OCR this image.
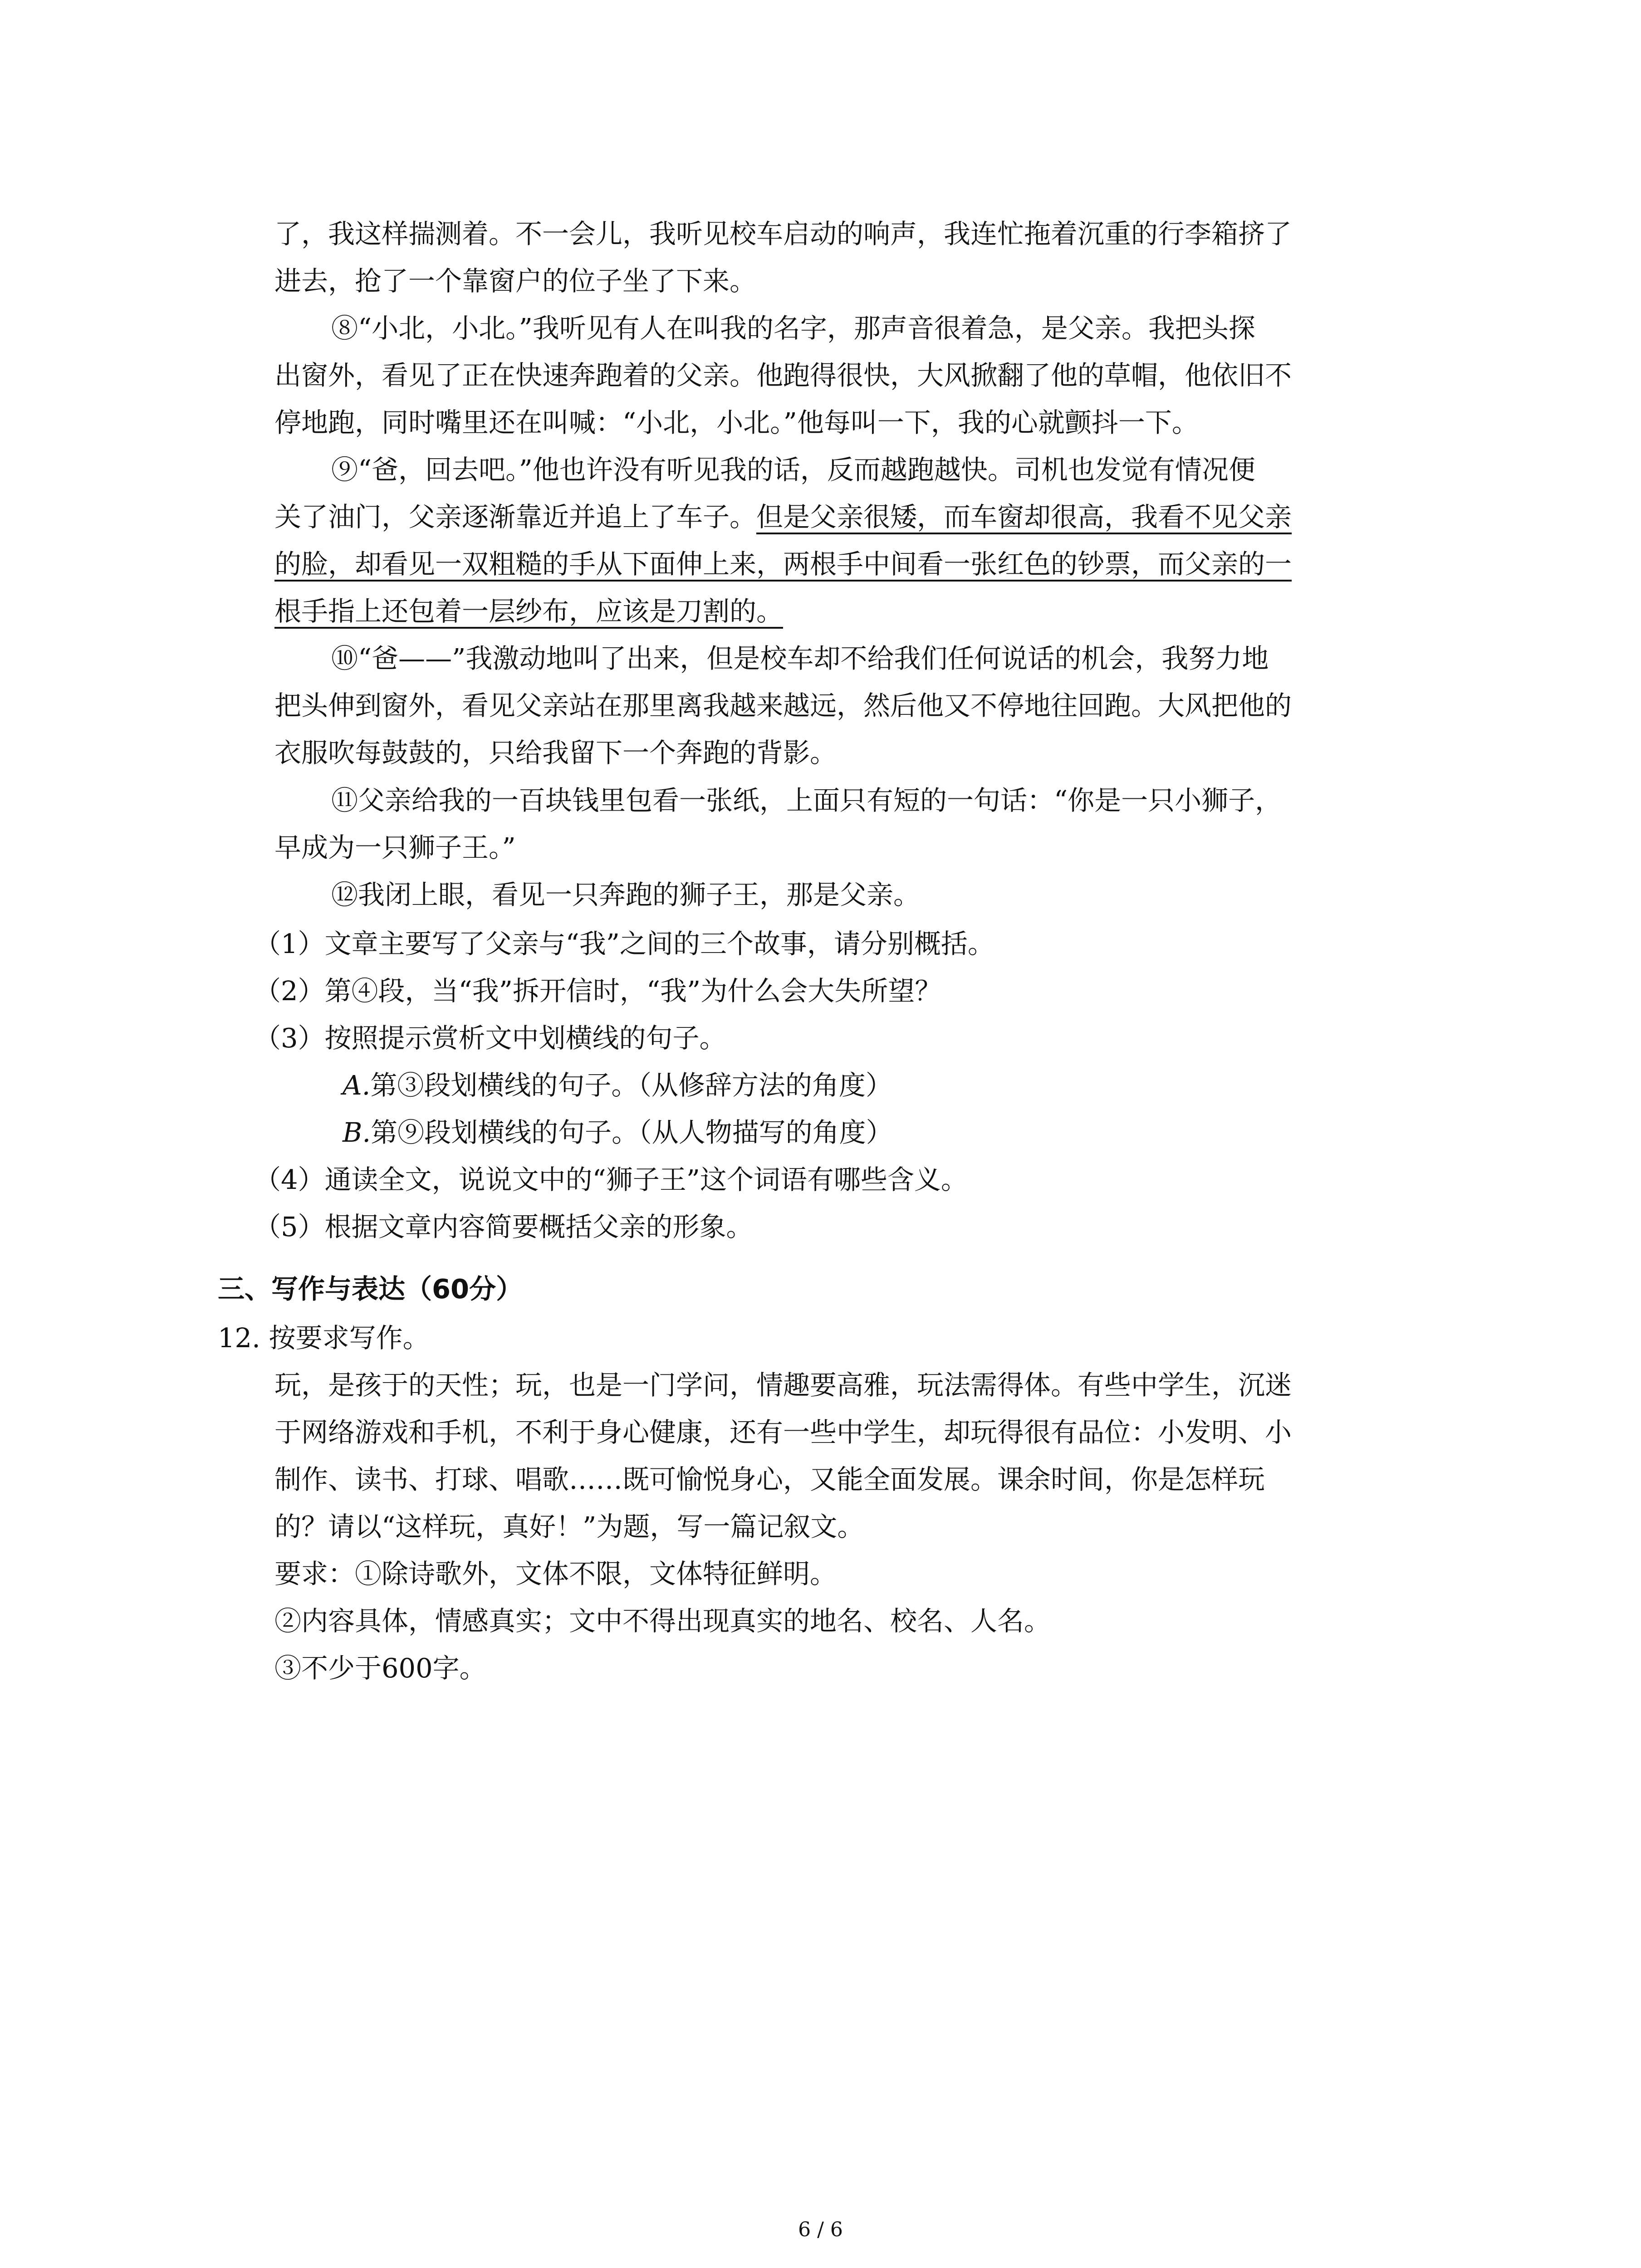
了，我这样揣测着。不一会儿，我听见校车启动的响声，我连忙拖着沉重的行李箱挤了
进去，抢了一个靠窗户的位子坐了下来。
⑧“小北，小北。”我听见有人在叫我的名字，那声音很着急，是父亲。我把头探
出窗外，看见了正在快速奔跑着的父亲。他跑得很快，大风掀翻了他的草帽，他依旧不
停地跑，同时嘴里还在叫喊：“小北，小北。”他每叫一下，我的心就颤抖一下。
⑨“爸，回去吧。”他也许没有听见我的话，反而越跑越快。司机也发觉有情况便
关了油门，父亲逐渐靠近并追上了车子。但是父亲很矮，而车窗却很高，我看不见父亲
的脸，却看见一双粗糙的手从下面伸上来，两根手中间看一张红色的钞票，而父亲的一
根手指上还包着一层纱布，应该是刀割的。
⑩“爸——”我激动地叫了出来，但是校车却不给我们任何说话的机会，我努力地
把头伸到窗外，看见父亲站在那里离我越来越远，然后他又不停地往回跑。大风把他的
衣服吹每鼓鼓的，只给我留下一个奔跑的背影。
⑪父亲给我的一百块钱里包看一张纸，上面只有短的一句话：“你是一只小狮子，
早成为一只狮子王。”
⑫我闭上眼，看见一只奔跑的狮子王，那是父亲。
（1）文章主要写了父亲与“我”之间的三个故事，请分别概括。
（2）第④段，当“我”拆开信时，“我”为什么会大失所望？
（3）按照提示赏析文中划横线的句子。
A.第③段划横线的句子。（从修辞方法的角度）
B.第⑨段划横线的句子。（从人物描写的角度）
（4）通读全文，说说文中的“狮子王”这个词语有哪些含义。
（5）根据文章内容简要概括父亲的形象。
三、写作与表达（60分）
12. 按要求写作。
玩，是孩于的天性；玩，也是一门学问，情趣要高雅，玩法需得体。有些中学生，沉迷
于网络游戏和手机，不利于身心健康，还有一些中学生，却玩得很有品位：小发明、小
制作、读书、打球、唱歌……既可愉悦身心，又能全面发展。课余时间，你是怎样玩
的？请以“这样玩，真好！”为题，写一篇记叙文。
要求：①除诗歌外，文体不限，文体特征鲜明。
②内容具体，情感真实；文中不得出现真实的地名、校名、人名。
③不少于600字。
6 / 6
